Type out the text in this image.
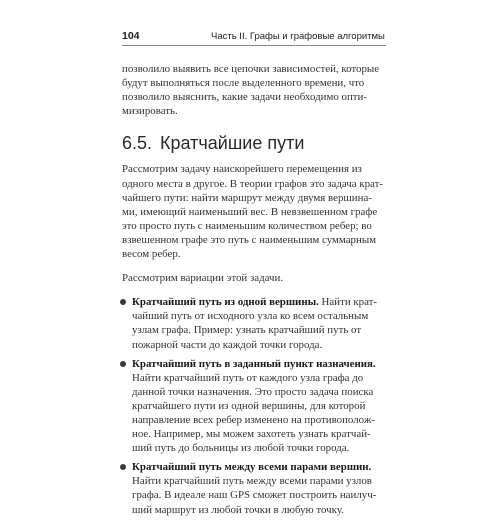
104	Часть II. Графы и графовые алгоритмы

позволило выявить все цепочки зависимостей, которые
будут выполняться после выделенного времени, что
позволило выяснить, какие задачи необходимо опти-
мизировать.

6.5. Кратчайшие пути

Рассмотрим задачу наискорейшего перемещения из
одного места в другое. В теории графов это задача крат-
чайшего пути: найти маршрут между двумя вершина-
ми, имеющий наименьший вес. В невзвешенном графе
это просто путь с наименьшим количеством ребер; во
взвешенном графе это путь с наименьшим суммарным
весом ребер.

Рассмотрим вариации этой задачи.

Кратчайший путь из одной вершины. Найти крат-
чайший путь от исходного узла ко всем остальным
узлам графа. Пример: узнать кратчайший путь от
пожарной части до каждой точки города.
Кратчайший путь в заданный пункт назначения.
Найти кратчайший путь от каждого узла графа до
данной точки назначения. Это просто задача поиска
кратчайшего пути из одной вершины, для которой
направление всех ребер изменено на противополож-
ное. Например, мы можем захотеть узнать кратчай-
ший путь до больницы из любой точки города.
Кратчайший путь между всеми парами вершин.
Найти кратчайший путь между всеми парами узлов
графа. В идеале наш GPS сможет построить наилуч-
ший маршрут из любой точки в любую точку.
